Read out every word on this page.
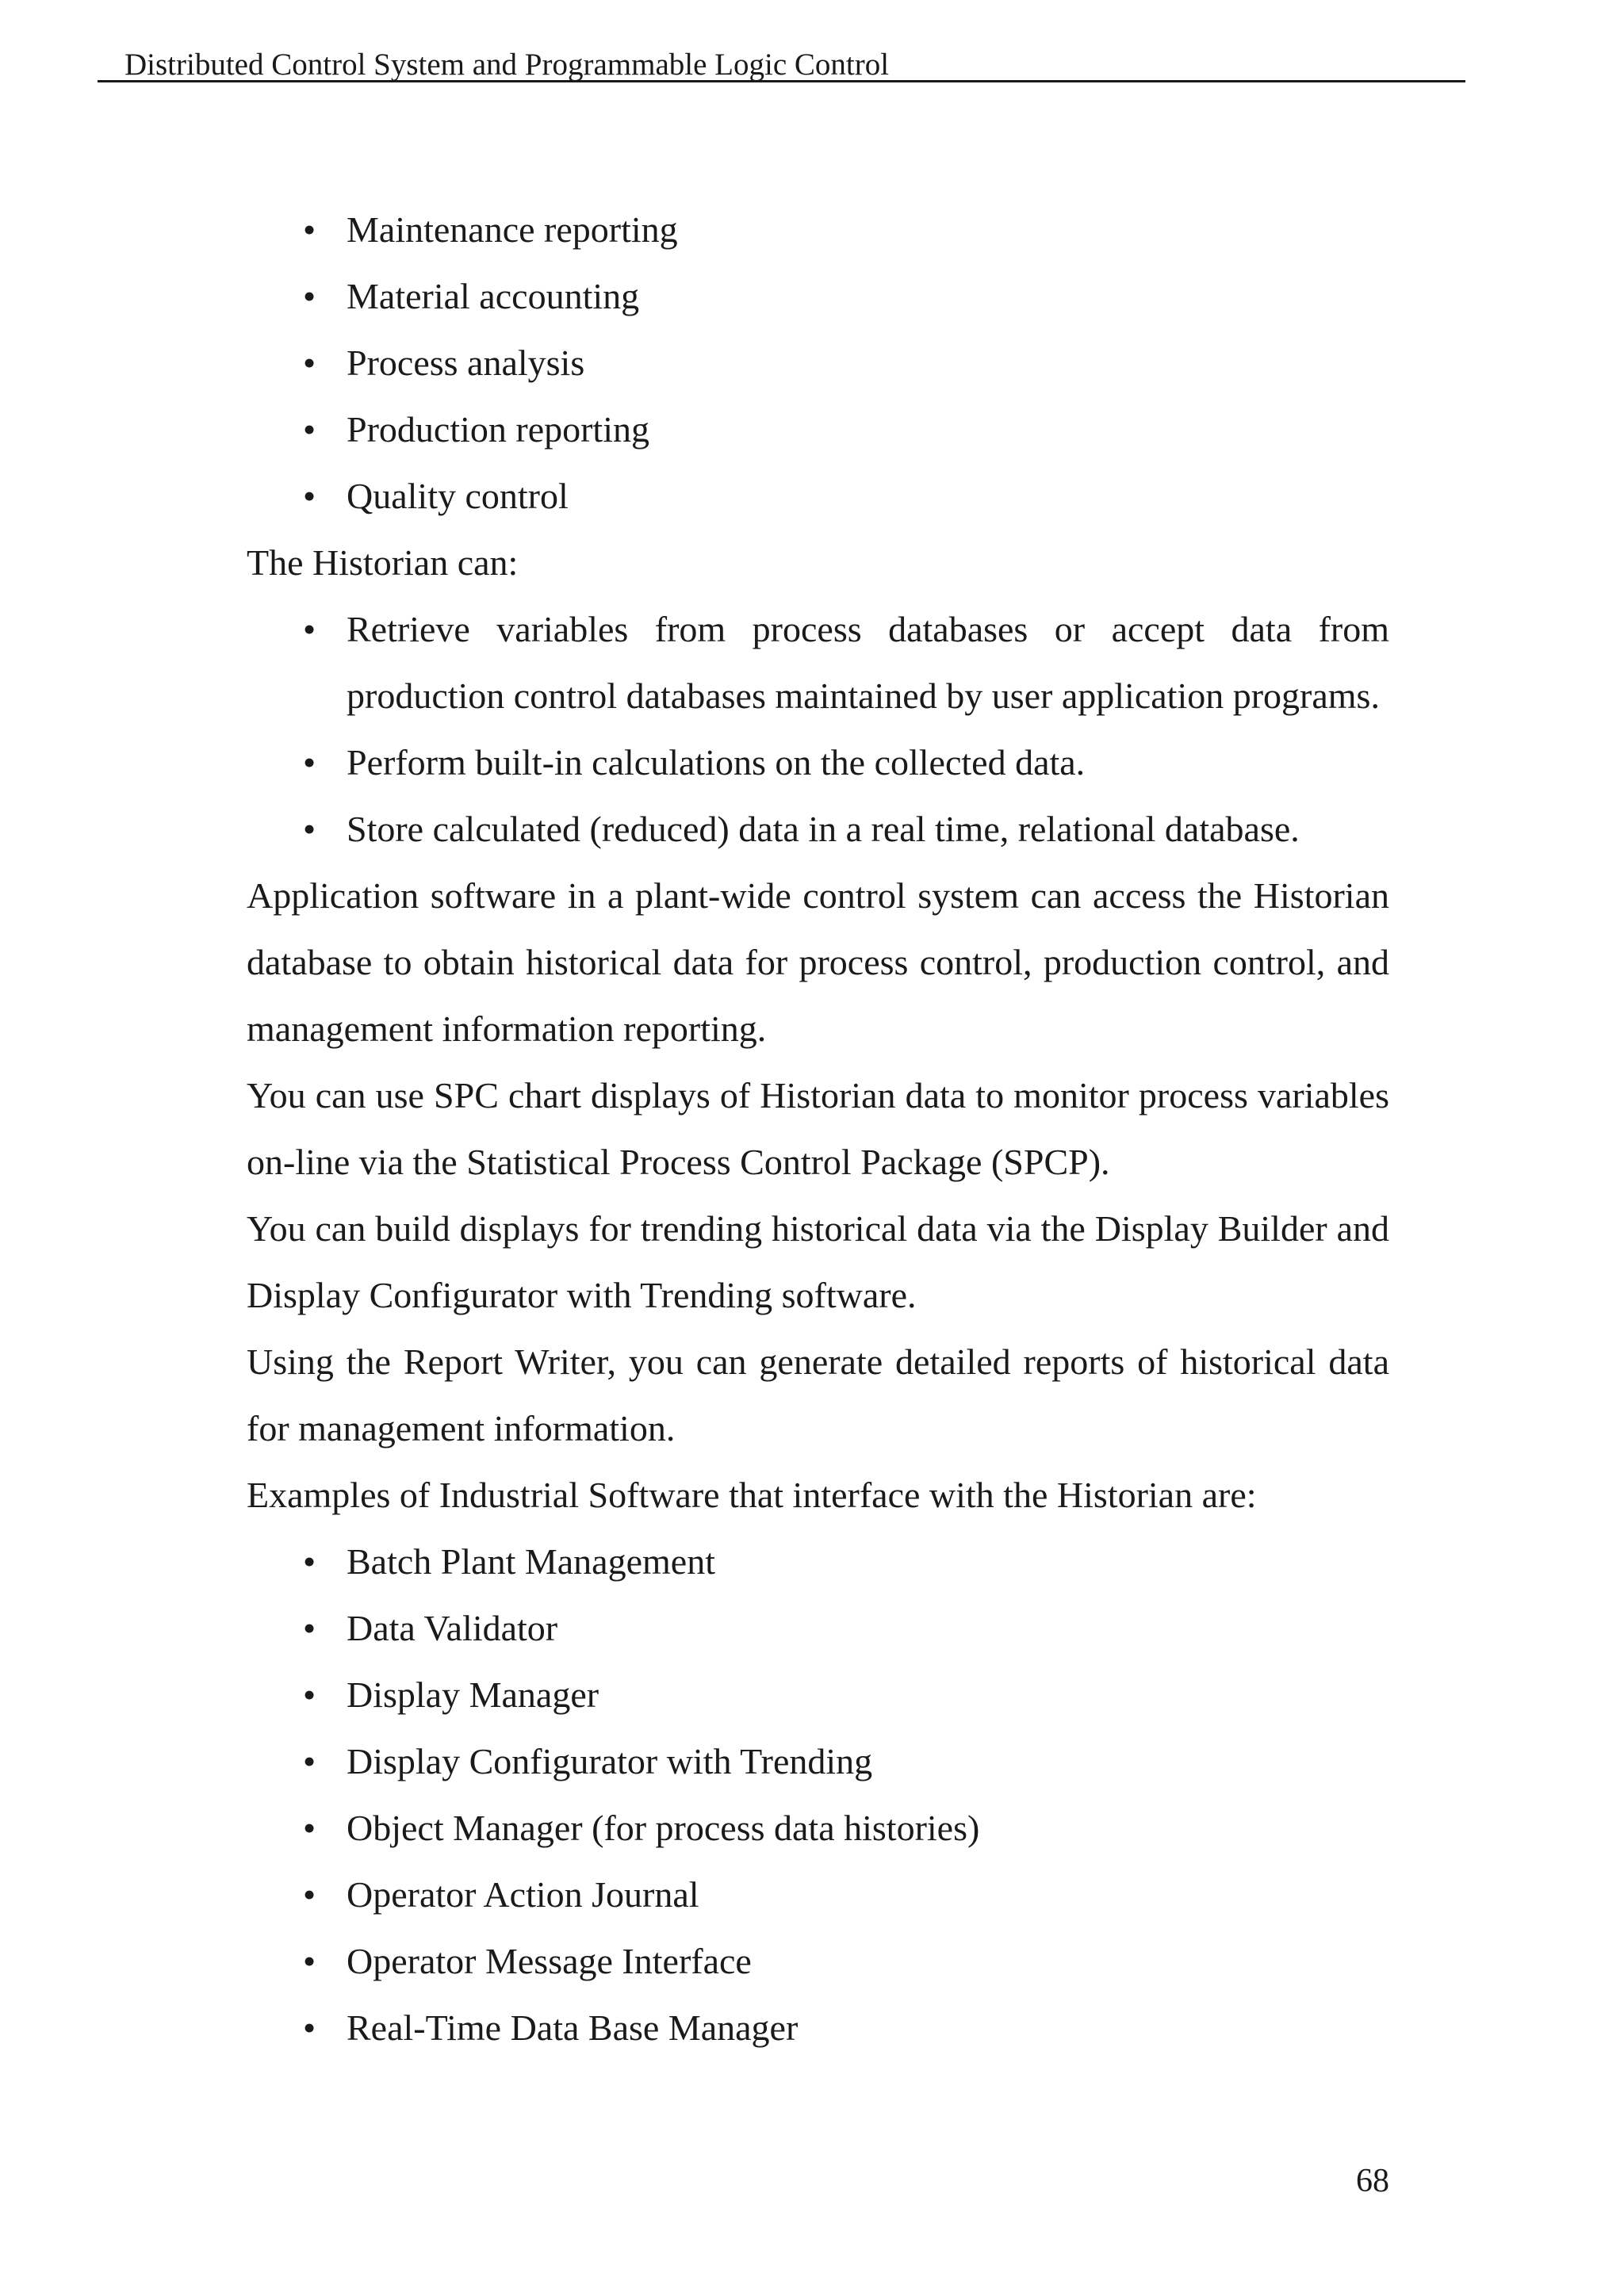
Distributed Control System and Programmable Logic Control
• Maintenance reporting
• Material accounting
• Process analysis
• Production reporting
• Quality control

The Historian can:

• Retrieve variables from process databases or accept data from production control databases maintained by user application programs.
• Perform built-in calculations on the collected data.
• Store calculated (reduced) data in a real time, relational database.

Application software in a plant-wide control system can access the Historian database to obtain historical data for process control, production control, and management information reporting.

You can use SPC chart displays of Historian data to monitor process variables on-line via the Statistical Process Control Package (SPCP).

You can build displays for trending historical data via the Display Builder and Display Configurator with Trending software.

Using the Report Writer, you can generate detailed reports of historical data for management information.

Examples of Industrial Software that interface with the Historian are:

• Batch Plant Management
• Data Validator
• Display Manager
• Display Configurator with Trending
• Object Manager (for process data histories)
• Operator Action Journal
• Operator Message Interface
• Real-Time Data Base Manager
68
